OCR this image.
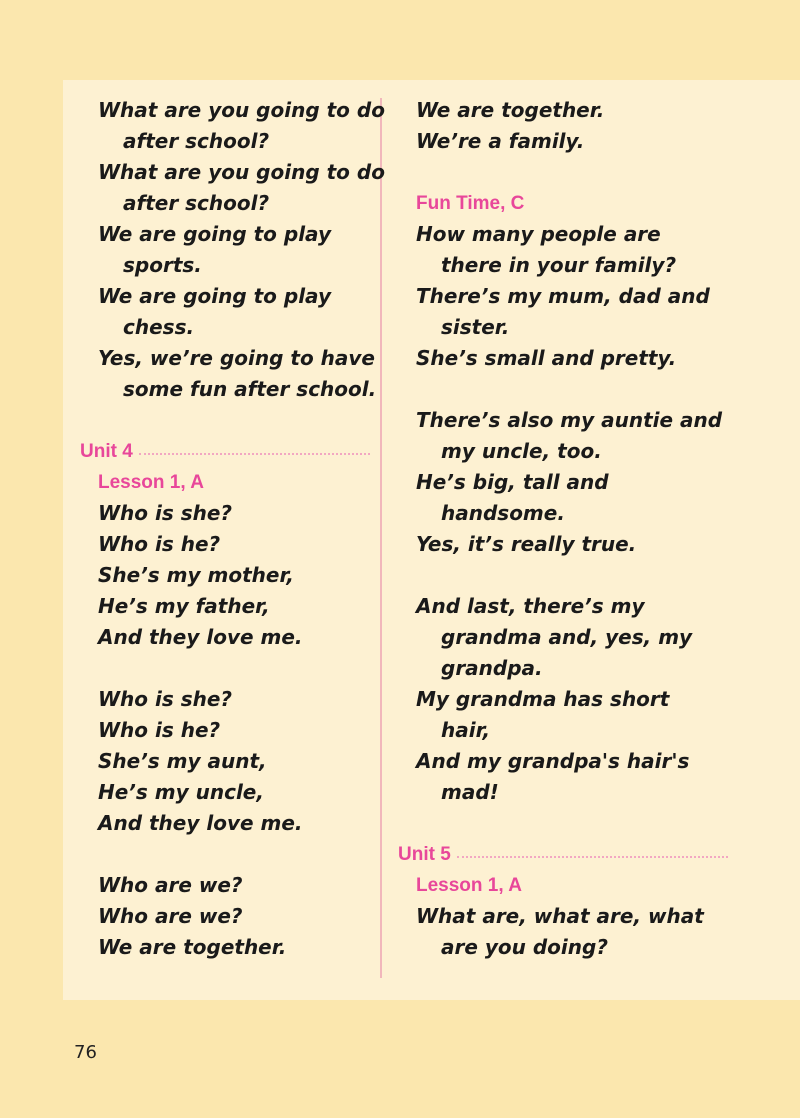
What are you going to do
after school?
What are you going to do
after school?
We are going to play
sports.
We are going to play
chess.
Yes, we’re going to have
some fun after school.
Unit 4
Lesson 1, A
Who is she?
Who is he?
She’s my mother,
He’s my father,
And they love me.
Who is she?
Who is he?
She’s my aunt,
He’s my uncle,
And they love me.
Who are we?
Who are we?
We are together.
We are together.
We’re a family.
Fun Time, C
How many people are
there in your family?
There’s my mum, dad and
sister.
She’s small and pretty.
There’s also my auntie and
my uncle, too.
He’s big, tall and
handsome.
Yes, it’s really true.
And last, there’s my
grandma and, yes, my
grandpa.
My grandma has short
hair,
And my grandpa's hair's
mad!
Unit 5
Lesson 1, A
What are, what are, what
are you doing?
76
